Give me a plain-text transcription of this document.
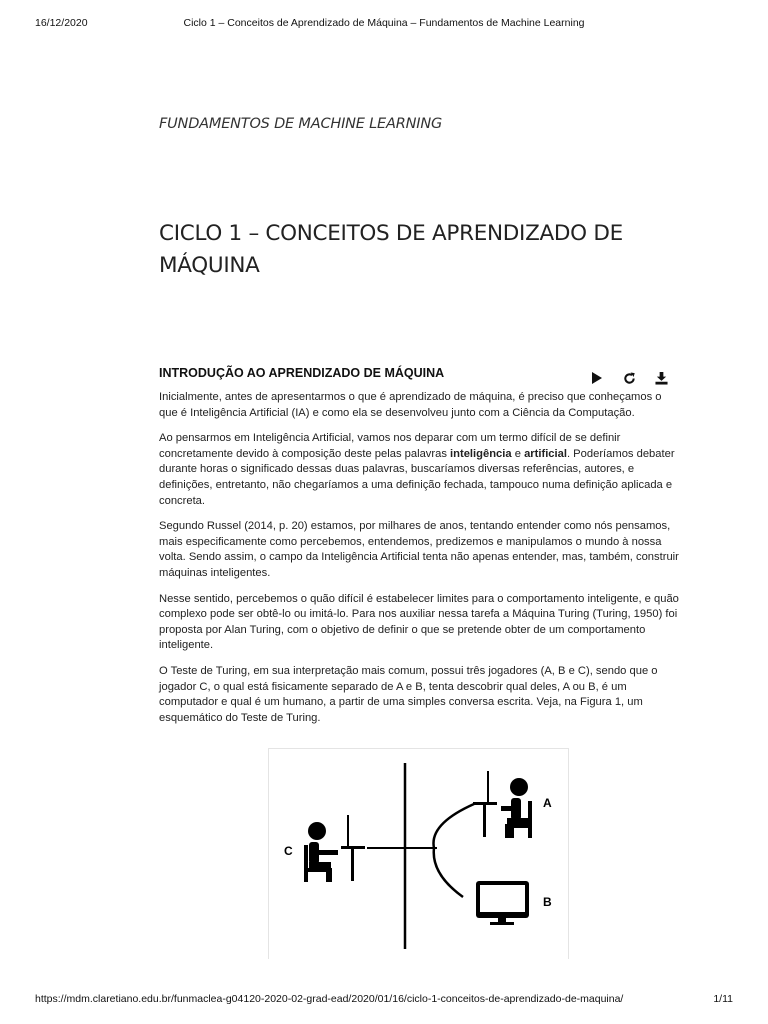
16/12/2020	Ciclo 1 – Conceitos de Aprendizado de Máquina – Fundamentos de Machine Learning
FUNDAMENTOS DE MACHINE LEARNING
CICLO 1 – CONCEITOS DE APRENDIZADO DE MÁQUINA
INTRODUÇÃO AO APRENDIZADO DE MÁQUINA

Inicialmente, antes de apresentarmos o que é aprendizado de máquina, é preciso que conheçamos o que é Inteligência Artificial (IA) e como ela se desenvolveu junto com a Ciência da Computação.

Ao pensarmos em Inteligência Artificial, vamos nos deparar com um termo difícil de se definir concretamente devido à composição deste pelas palavras inteligência e artificial. Poderíamos debater durante horas o significado dessas duas palavras, buscaríamos diversas referências, autores, e definições, entretanto, não chegaríamos a uma definição fechada, tampouco numa definição aplicada e concreta.

Segundo Russel (2014, p. 20) estamos, por milhares de anos, tentando entender como nós pensamos, mais especificamente como percebemos, entendemos, predizemos e manipulamos o mundo à nossa volta. Sendo assim, o campo da Inteligência Artificial tenta não apenas entender, mas, também, construir máquinas inteligentes.

Nesse sentido, percebemos o quão difícil é estabelecer limites para o comportamento inteligente, e quão complexo pode ser obtê-lo ou imitá-lo. Para nos auxiliar nessa tarefa a Máquina Turing (Turing, 1950) foi proposta por Alan Turing, com o objetivo de definir o que se pretende obter de um comportamento inteligente.

O Teste de Turing, em sua interpretação mais comum, possui três jogadores (A, B e C), sendo que o jogador C, o qual está fisicamente separado de A e B, tenta descobrir qual deles, A ou B, é um computador e qual é um humano, a partir de uma simples conversa escrita. Veja, na Figura 1, um esquemático do Teste de Turing.

A
B
C
https://mdm.claretiano.edu.br/funmaclea-g04120-2020-02-grad-ead/2020/01/16/ciclo-1-conceitos-de-aprendizado-de-maquina/	1/11
